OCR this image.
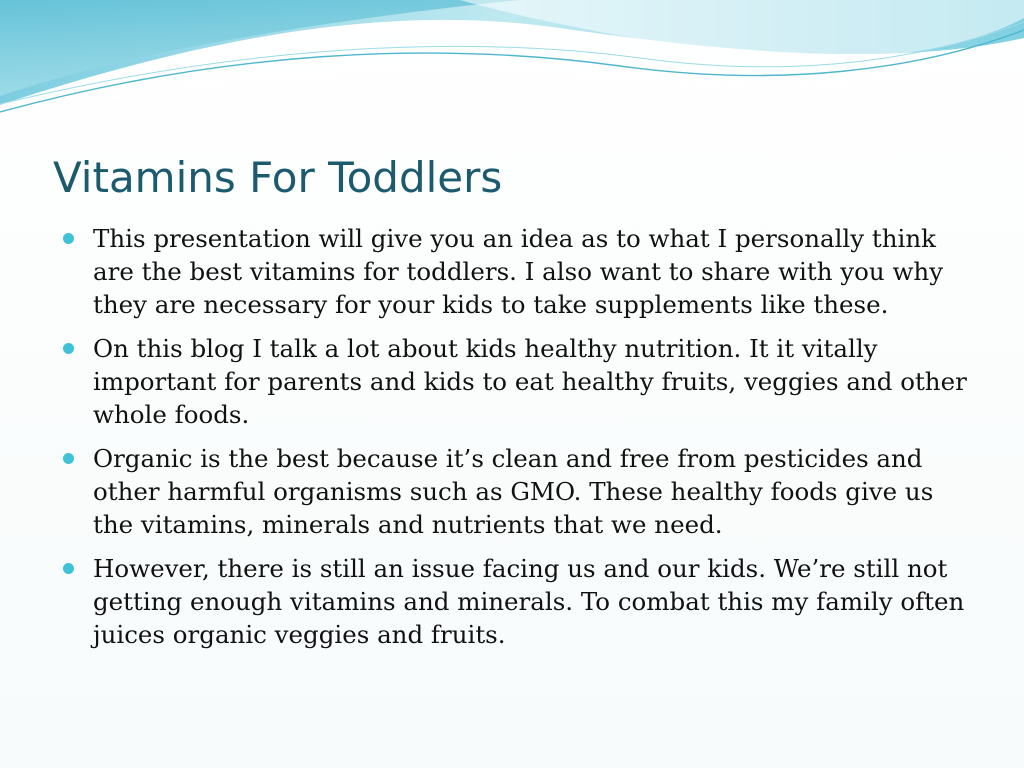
Vitamins For Toddlers
This presentation will give you an idea as to what I personally think are the best vitamins for toddlers. I also want to share with you why they are necessary for your kids to take supplements like these.
On this blog I talk a lot about kids healthy nutrition. It it vitally important for parents and kids to eat healthy fruits, veggies and other whole foods.
Organic is the best because it’s clean and free from pesticides and other harmful organisms such as GMO. These healthy foods give us the vitamins, minerals and nutrients that we need.
However, there is still an issue facing us and our kids. We’re still not getting enough vitamins and minerals. To combat this my family often juices organic veggies and fruits.
